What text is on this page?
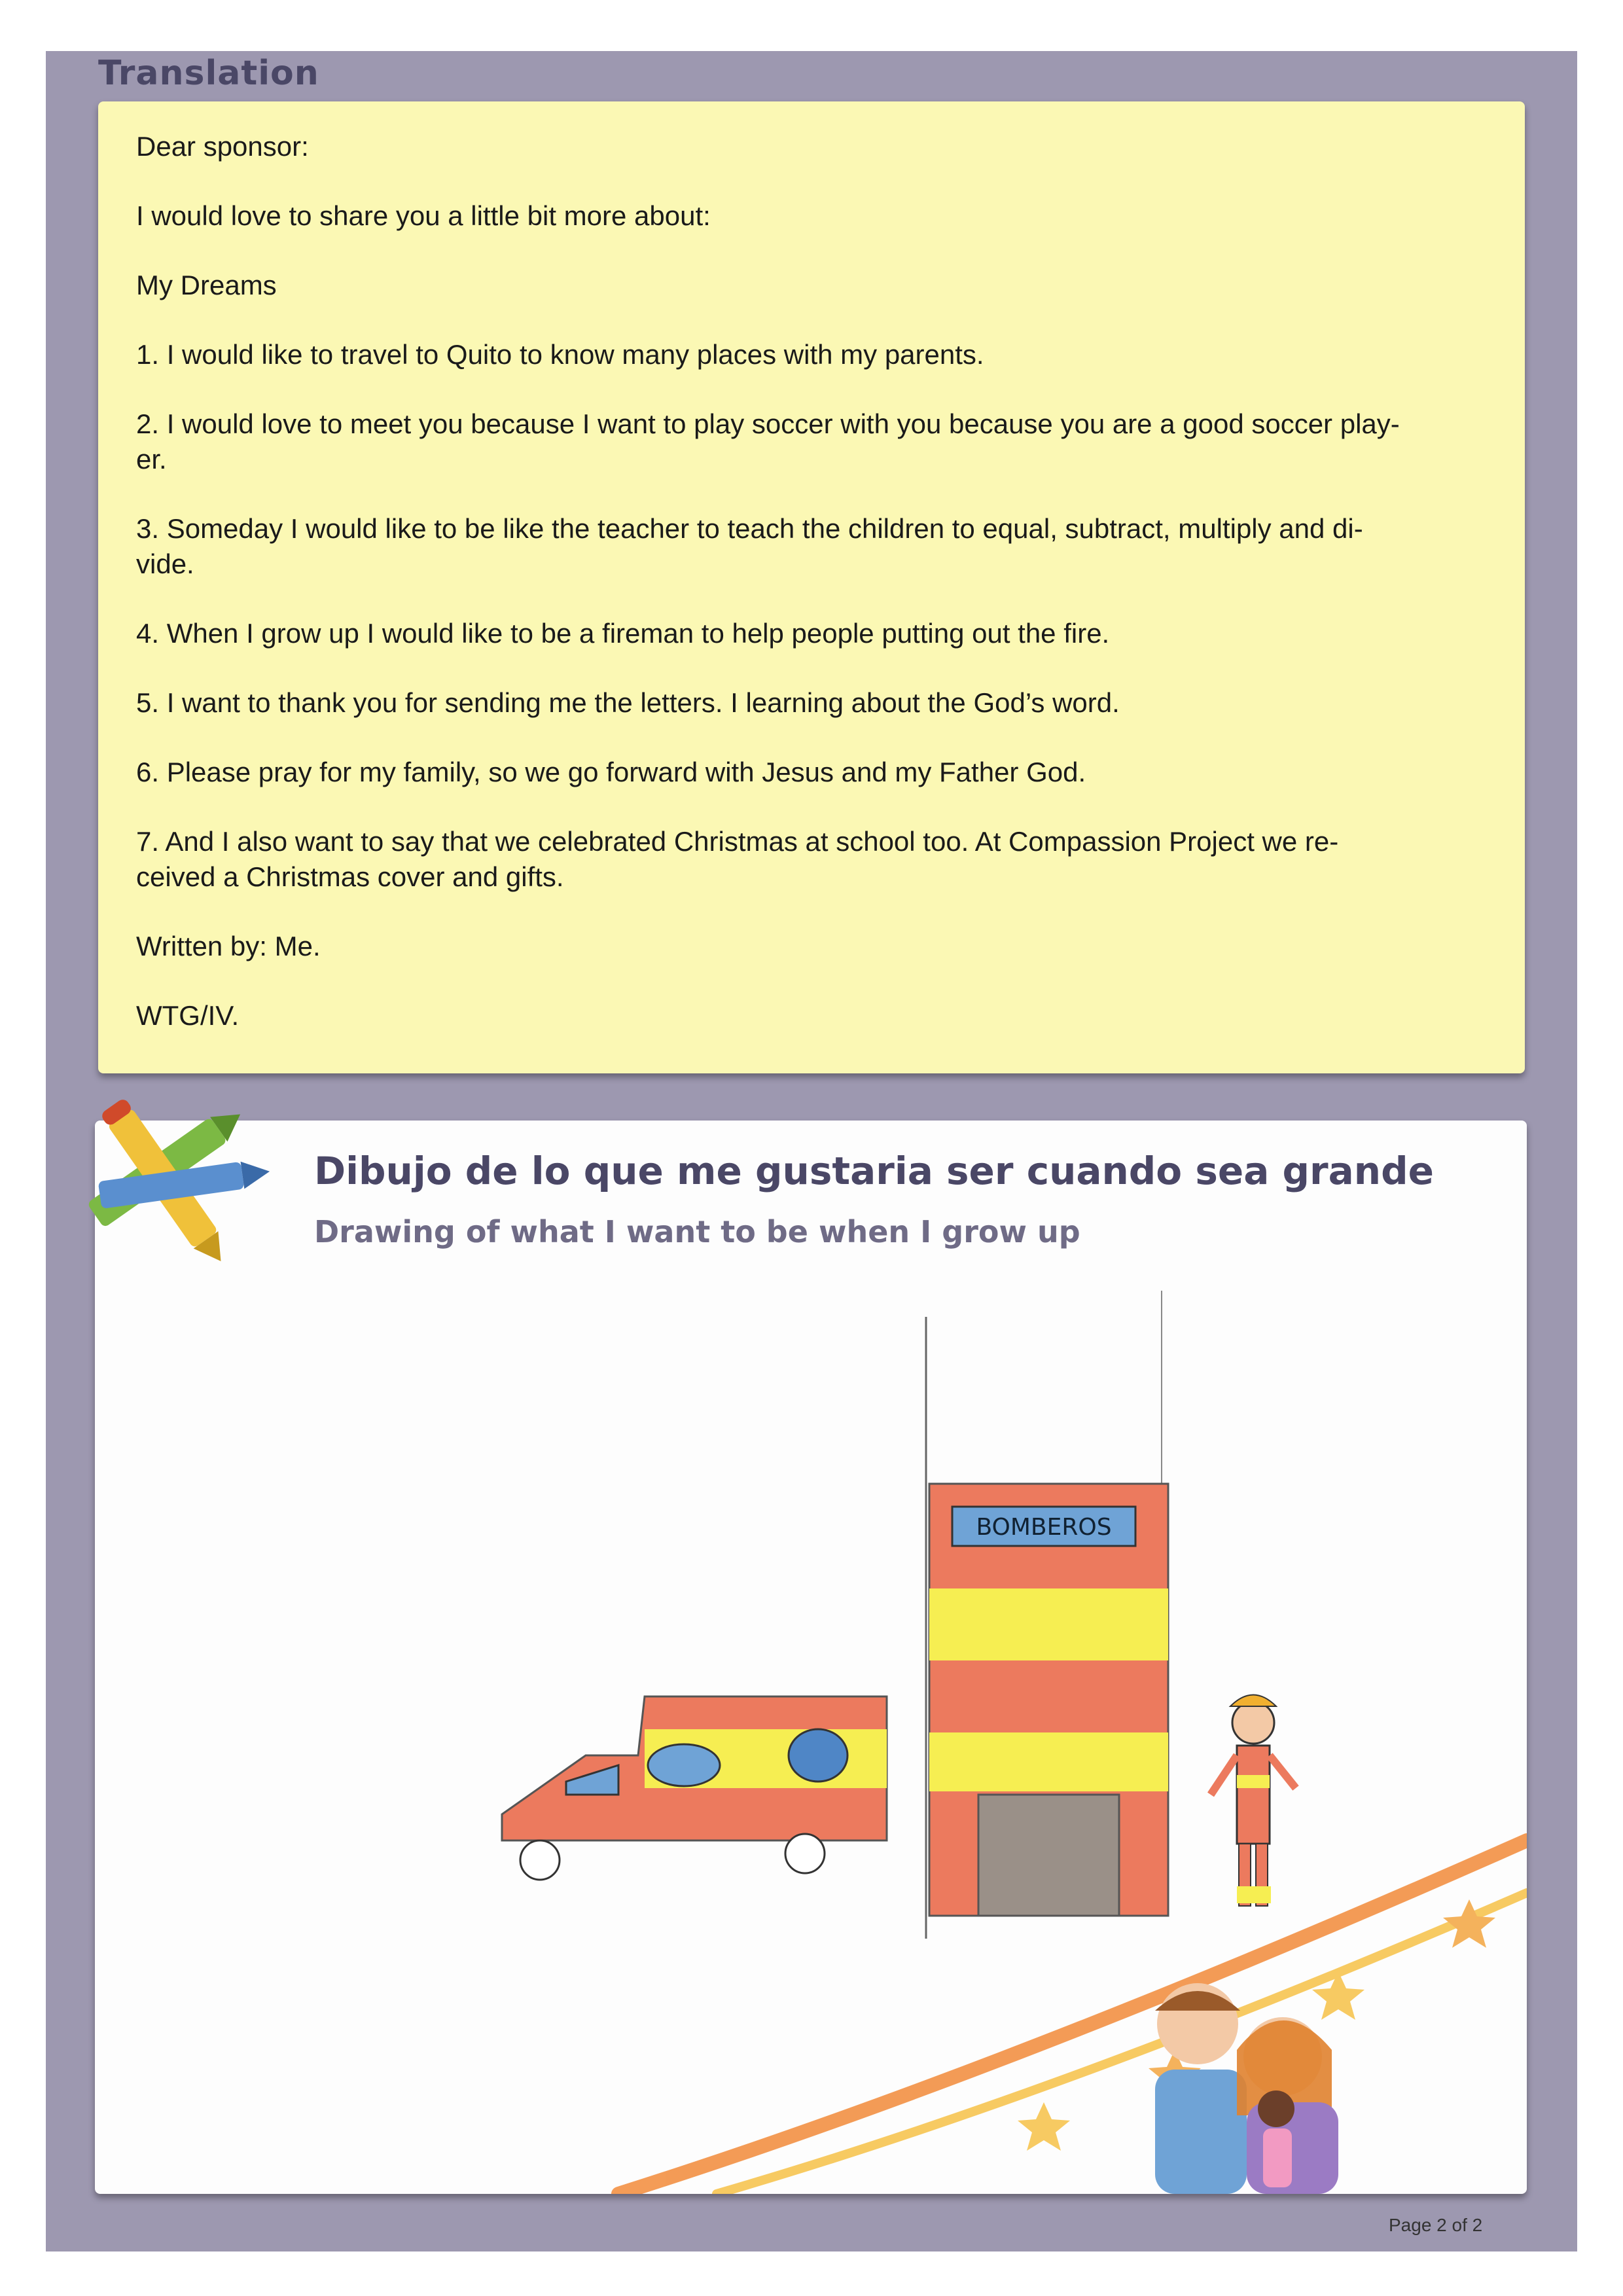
Translation

Dear sponsor:

I would love to share you a little bit more about:

My Dreams

1. I would like to travel to Quito to know many places with my parents.

2. I would love to meet you because I want to play soccer with you because you are a good soccer play-
er.

3. Someday I would like to be like the teacher to teach the children to equal, subtract, multiply and di-
vide.

4. When I grow up I would like to be a fireman to help people putting out the fire.

5. I want to thank you for sending me the letters. I learning about the God’s word.

6. Please pray for my family, so we go forward with Jesus and my Father God.

7. And I also want to say that we celebrated Christmas at school too. At Compassion Project we re-
ceived a Christmas cover and gifts.

Written by: Me.

WTG/IV.

Dibujo de lo que me gustaria ser cuando sea grande
Drawing of what I want to be when I grow up
BOMBEROS
Page 2 of 2
